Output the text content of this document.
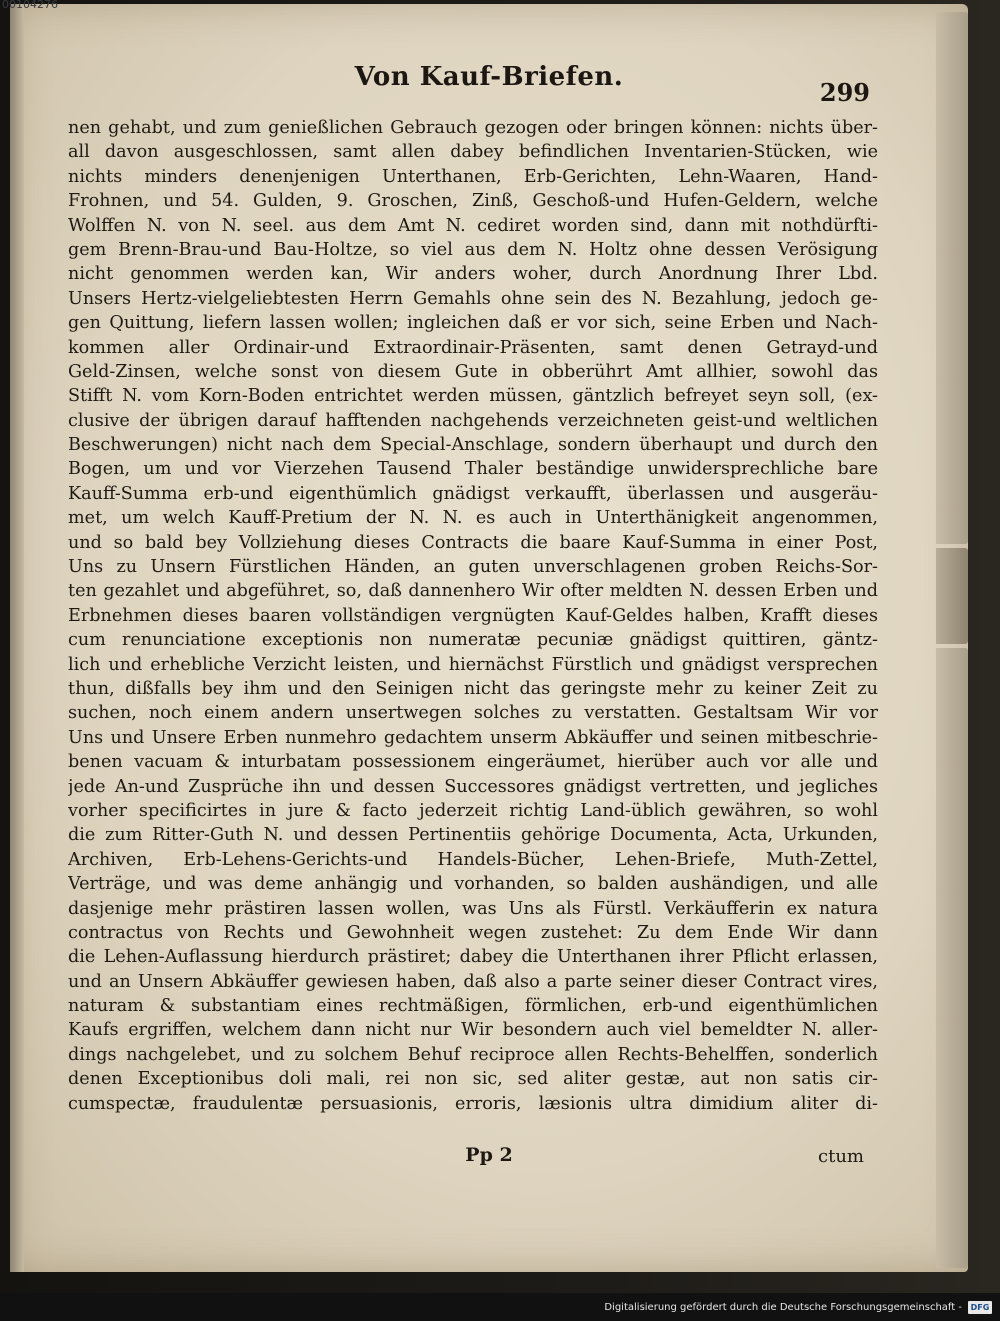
Von Kauf-Briefen.
299
nen gehabt, und zum genießlichen Gebrauch gezogen oder bringen können: nichts über-
all davon ausgeschlossen, samt allen dabey befindlichen Inventarien-Stücken, wie
nichts minders denenjenigen Unterthanen, Erb-Gerichten, Lehn-Waaren, Hand-
Frohnen, und 54. Gulden, 9. Groschen, Zinß, Geschoß-und Hufen-Geldern, welche
Wolffen N. von N. seel. aus dem Amt N. cediret worden sind, dann mit nothdürfti-
gem Brenn-Brau-und Bau-Holtze, so viel aus dem N. Holtz ohne dessen Verösigung
nicht genommen werden kan, Wir anders woher, durch Anordnung Ihrer Lbd.
Unsers Hertz-vielgeliebtesten Herrn Gemahls ohne sein des N. Bezahlung, jedoch ge-
gen Quittung, liefern lassen wollen; ingleichen daß er vor sich, seine Erben und Nach-
kommen aller Ordinair-und Extraordinair-Präsenten, samt denen Getrayd-und
Geld-Zinsen, welche sonst von diesem Gute in obberührt Amt allhier, sowohl das
Stifft N. vom Korn-Boden entrichtet werden müssen, gäntzlich befreyet seyn soll, (ex-
clusive der übrigen darauf hafftenden nachgehends verzeichneten geist-und weltlichen
Beschwerungen) nicht nach dem Special-Anschlage, sondern überhaupt und durch den
Bogen, um und vor Vierzehen Tausend Thaler beständige unwidersprechliche bare
Kauff-Summa erb-und eigenthümlich gnädigst verkaufft, überlassen und ausgeräu-
met, um welch Kauff-Pretium der N. N. es auch in Unterthänigkeit angenommen,
und so bald bey Vollziehung dieses Contracts die baare Kauf-Summa in einer Post,
Uns zu Unsern Fürstlichen Händen, an guten unverschlagenen groben Reichs-Sor-
ten gezahlet und abgeführet, so, daß dannenhero Wir ofter meldten N. dessen Erben und
Erbnehmen dieses baaren vollständigen vergnügten Kauf-Geldes halben, Krafft dieses
cum renunciatione exceptionis non numeratæ pecuniæ gnädigst quittiren, gäntz-
lich und erhebliche Verzicht leisten, und hiernächst Fürstlich und gnädigst versprechen
thun, dißfalls bey ihm und den Seinigen nicht das geringste mehr zu keiner Zeit zu
suchen, noch einem andern unsertwegen solches zu verstatten. Gestaltsam Wir vor
Uns und Unsere Erben nunmehro gedachtem unserm Abkäuffer und seinen mitbeschrie-
benen vacuam & inturbatam possessionem eingeräumet, hierüber auch vor alle und
jede An-und Zusprüche ihn und dessen Successores gnädigst vertretten, und jegliches
vorher specificirtes in jure & facto jederzeit richtig Land-üblich gewähren, so wohl
die zum Ritter-Guth N. und dessen Pertinentiis gehörige Documenta, Acta, Urkunden,
Archiven, Erb-Lehens-Gerichts-und Handels-Bücher, Lehen-Briefe, Muth-Zettel,
Verträge, und was deme anhängig und vorhanden, so balden aushändigen, und alle
dasjenige mehr prästiren lassen wollen, was Uns als Fürstl. Verkäufferin ex natura
contractus von Rechts und Gewohnheit wegen zustehet: Zu dem Ende Wir dann
die Lehen-Auflassung hierdurch prästiret; dabey die Unterthanen ihrer Pflicht erlassen,
und an Unsern Abkäuffer gewiesen haben, daß also a parte seiner dieser Contract vires,
naturam & substantiam eines rechtmäßigen, förmlichen, erb-und eigenthümlichen
Kaufs ergriffen, welchem dann nicht nur Wir besondern auch viel bemeldter N. aller-
dings nachgelebet, und zu solchem Behuf reciproce allen Rechts-Behelffen, sonderlich
denen Exceptionibus doli mali, rei non sic, sed aliter gestæ, aut non satis cir-
cumspectæ, fraudulentæ persuasionis, erroris, læsionis ultra dimidium aliter di-
Pp 2	ctum
00104276
Digitalisierung gefördert durch die Deutsche Forschungsgemeinschaft -	DFG
